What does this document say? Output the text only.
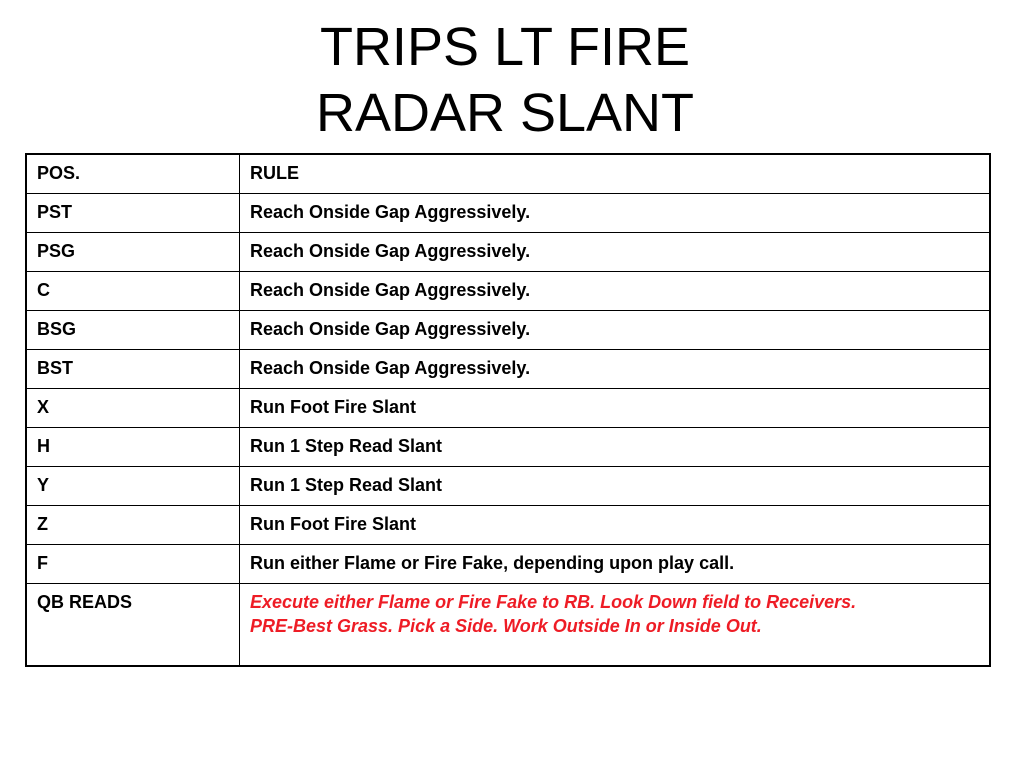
TRIPS LT FIRE
RADAR SLANT
POS.	RULE
PST	Reach Onside Gap Aggressively.
PSG	Reach Onside Gap Aggressively.
C	Reach Onside Gap Aggressively.
BSG	Reach Onside Gap Aggressively.
BST	Reach Onside Gap Aggressively.
X	Run Foot Fire Slant
H	Run 1 Step Read Slant
Y	Run 1 Step Read Slant
Z	Run Foot Fire Slant
F	Run either Flame or Fire Fake, depending upon play call.
QB READS	Execute either Flame or Fire Fake to RB. Look Down field to Receivers.
PRE-Best Grass. Pick a Side. Work Outside In or Inside Out.
